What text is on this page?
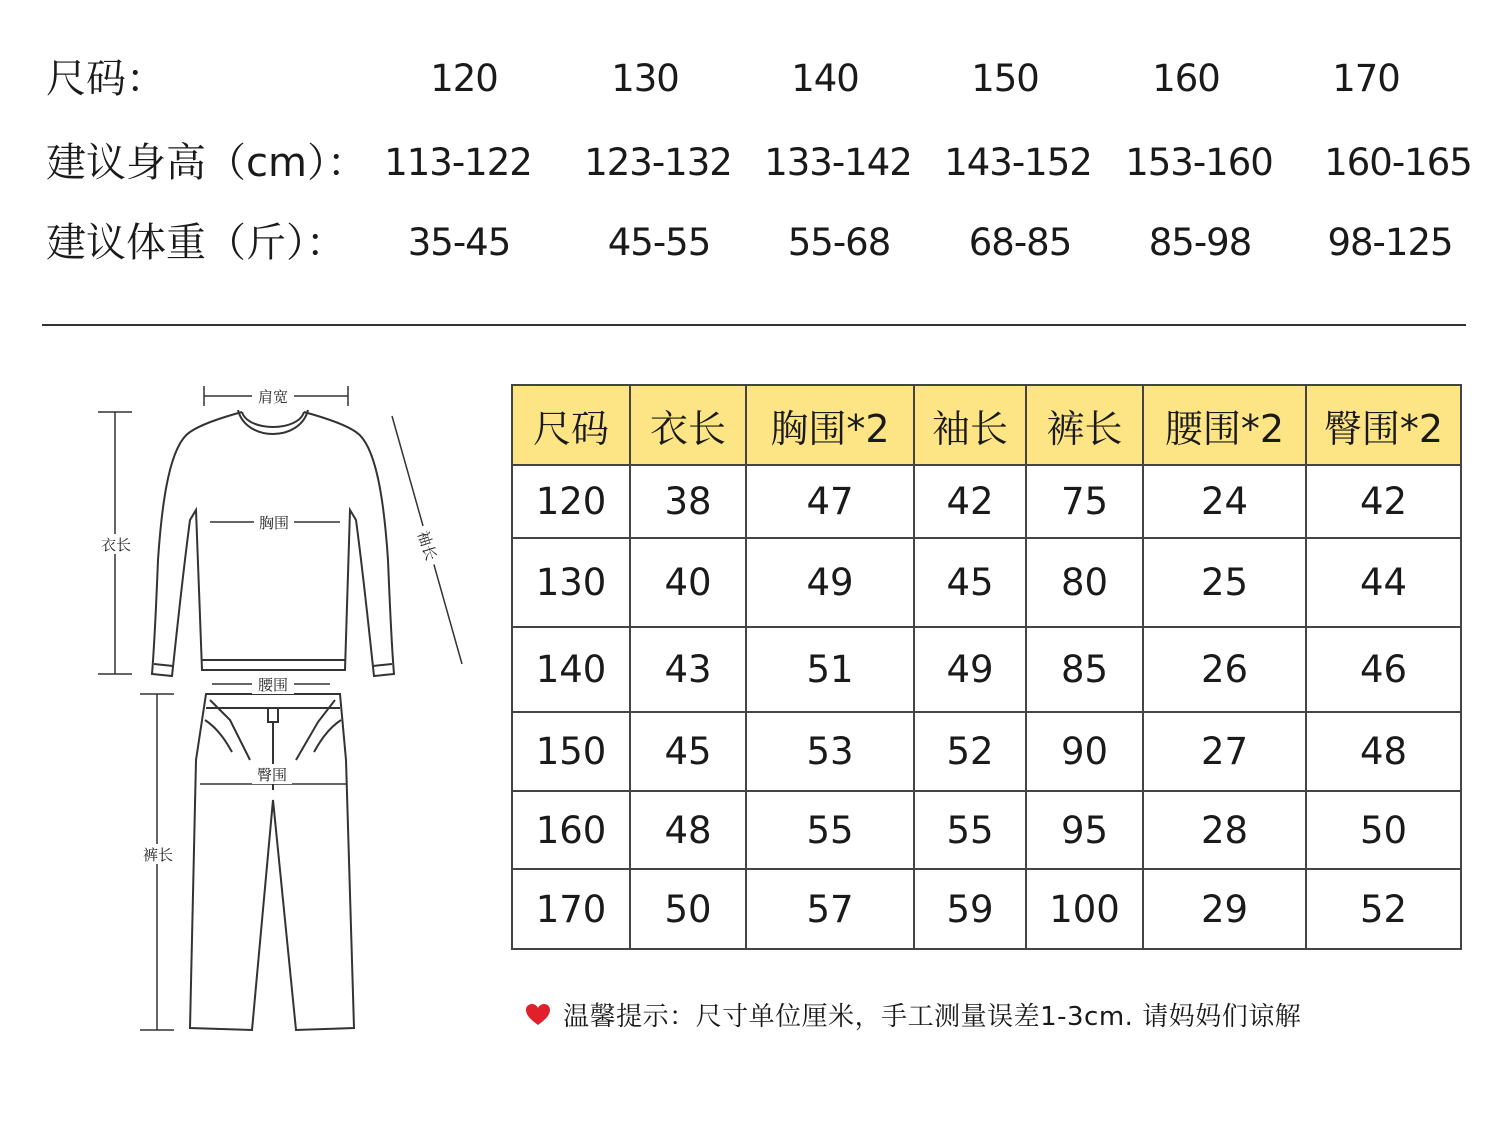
尺码：	120	130	140	150	160	170
建议身高（cm）： 113-122 123-132 133-142 143-152 153-160 160-165
建议体重（斤）： 35-45	45-55 55-68 68-85 85-98 98-125
肩宽
衣长
胸围
袖长
腰围
臀围
裤长
尺码	衣长	胸围*2	袖长	裤长	腰围*2	臀围*2
120	38	47	42	75	24	42
130	40	49	45	80	25	44
140	43	51	49	85	26	46
150	45	53	52	90	27	48
160	48	55	55	95	28	50
170	50	57	59	100	29	52
温馨提示：尺寸单位厘米，手工测量误差1-3cm. 请妈妈们谅解
